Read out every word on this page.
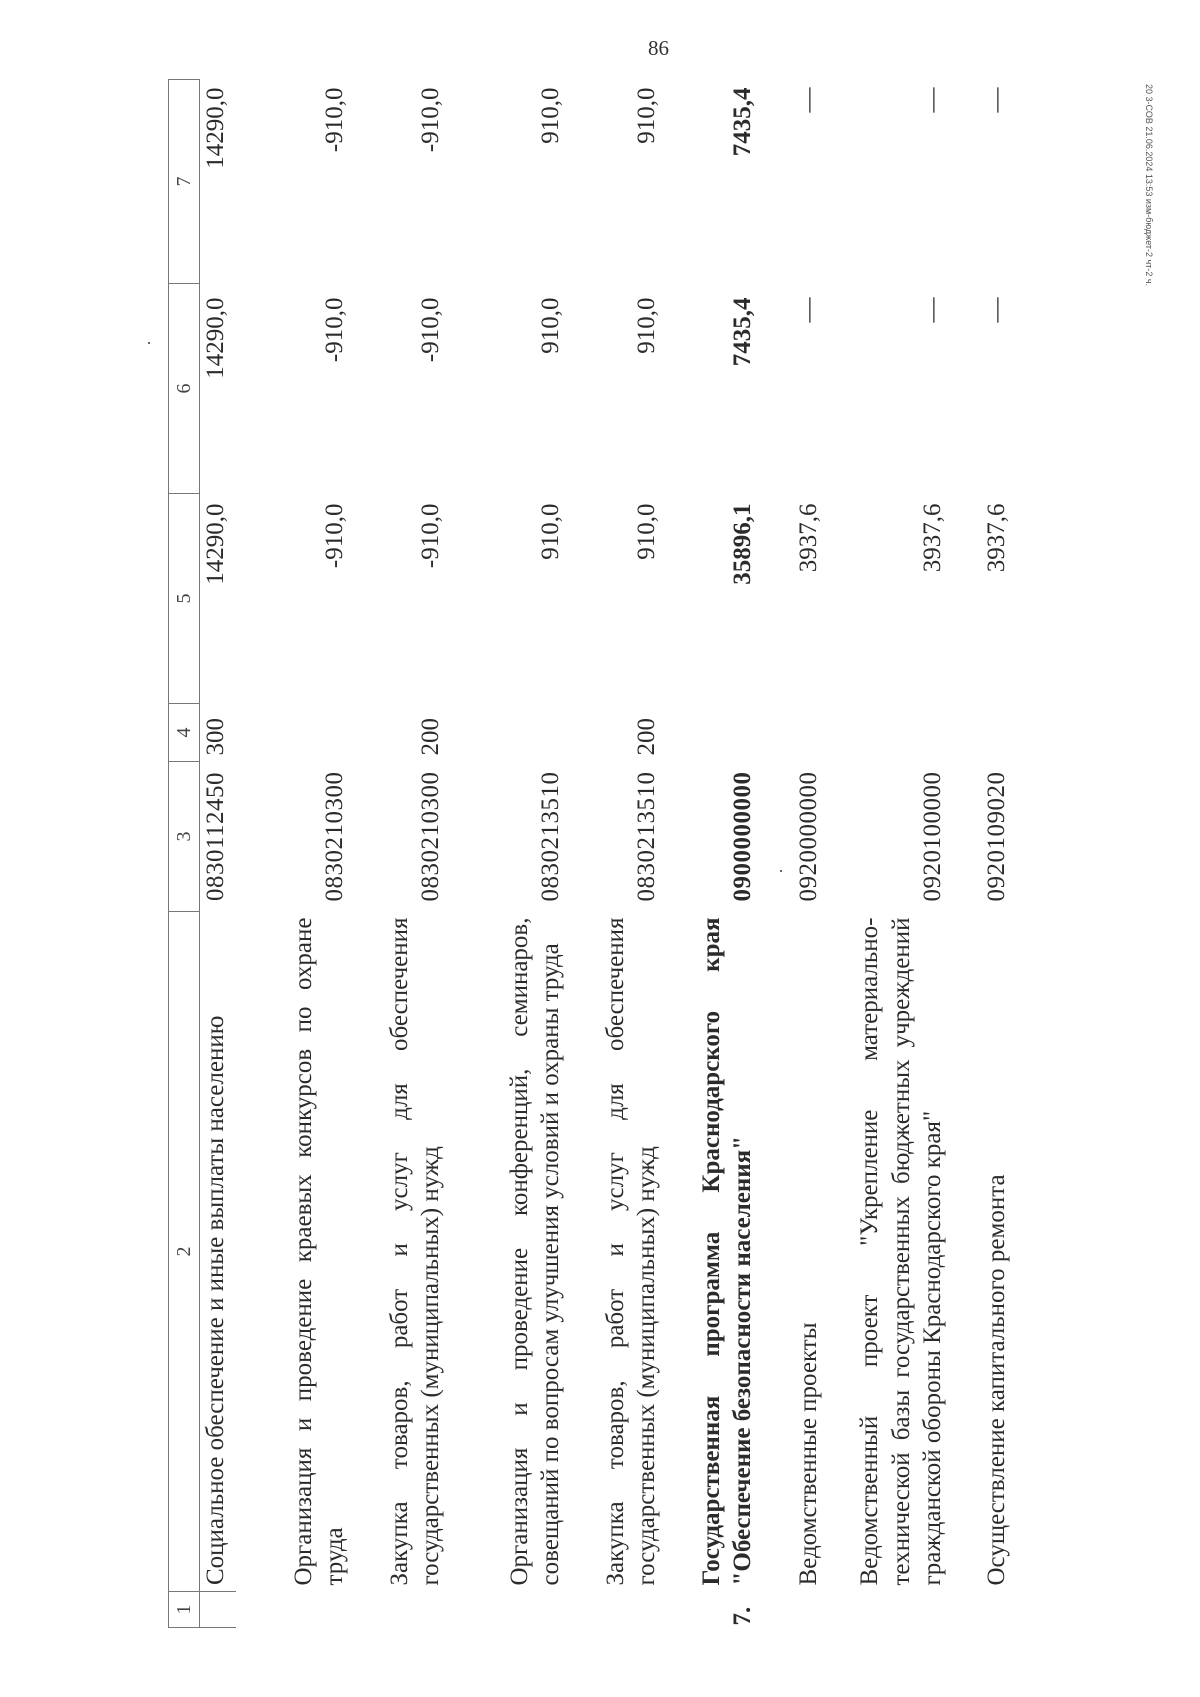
86
20 3-СОВ 21.06.2024 13:53 изм-бюджет-2 чт-2 ч.
1	2	3	4	5	6	7
	Социальное обеспечение и иные выплаты населению	0830112450	300	14290,0	14290,0	14290,0
	Организация и проведение краевых конкурсов по охране труда	0830210300		-910,0	-910,0	-910,0
	Закупка товаров, работ и услуг для обеспечения государственных (муниципальных) нужд	0830210300	200	-910,0	-910,0	-910,0
	Организация и проведение конференций, семинаров, совещаний по вопросам улучшения условий и охраны труда	0830213510		910,0	910,0	910,0
	Закупка товаров, работ и услуг для обеспечения государственных (муниципальных) нужд	0830213510	200	910,0	910,0	910,0
7.	Государственная программа Краснодарского края "Обеспечение безопасности населения"	0900000000		35896,1	7435,4	7435,4
	Ведомственные проекты	0920000000		3937,6	—	—
	Ведомственный проект "Укрепление материально-технической базы государственных бюджетных учреждений гражданской обороны Краснодарского края"	0920100000		3937,6	—	—
	Осуществление капитального ремонта	0920109020		3937,6	—	—
